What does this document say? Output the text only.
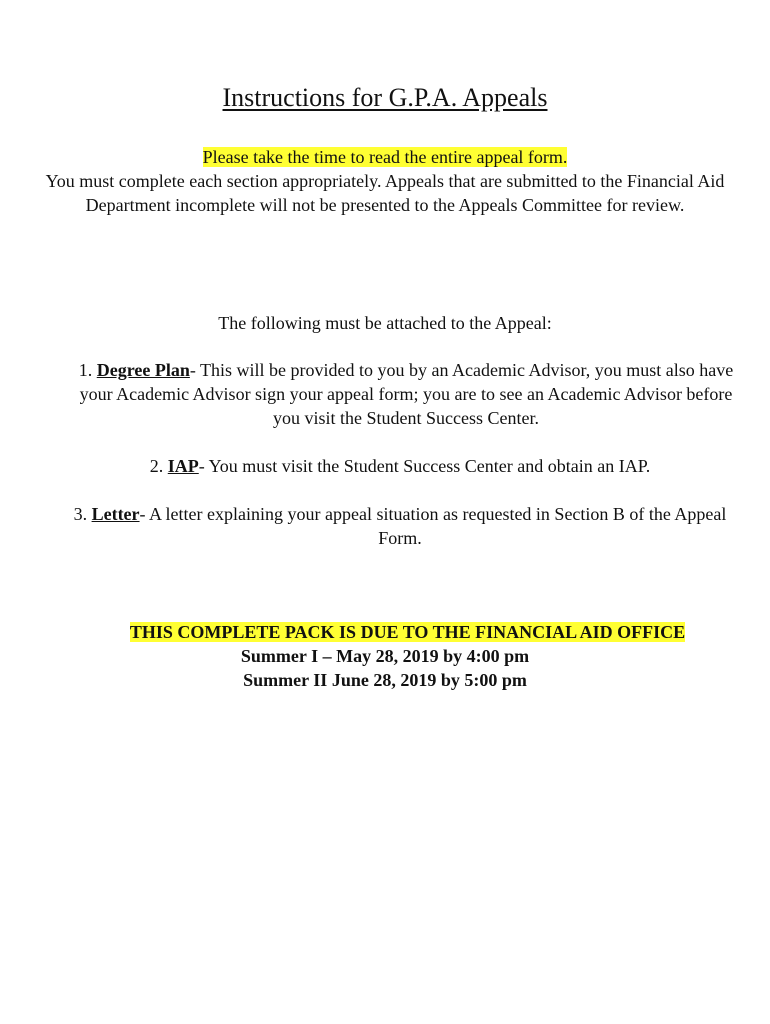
Instructions for G.P.A. Appeals
Please take the time to read the entire appeal form.
You must complete each section appropriately. Appeals that are submitted to the Financial Aid Department incomplete will not be presented to the Appeals Committee for review.
The following must be attached to the Appeal:
1. Degree Plan- This will be provided to you by an Academic Advisor, you must also have your Academic Advisor sign your appeal form; you are to see an Academic Advisor before you visit the Student Success Center.
2. IAP- You must visit the Student Success Center and obtain an IAP.
3. Letter- A letter explaining your appeal situation as requested in Section B of the Appeal Form.
THIS COMPLETE PACK IS DUE TO THE FINANCIAL AID OFFICE
Summer I – May 28, 2019 by 4:00 pm
Summer II June 28, 2019 by 5:00 pm
